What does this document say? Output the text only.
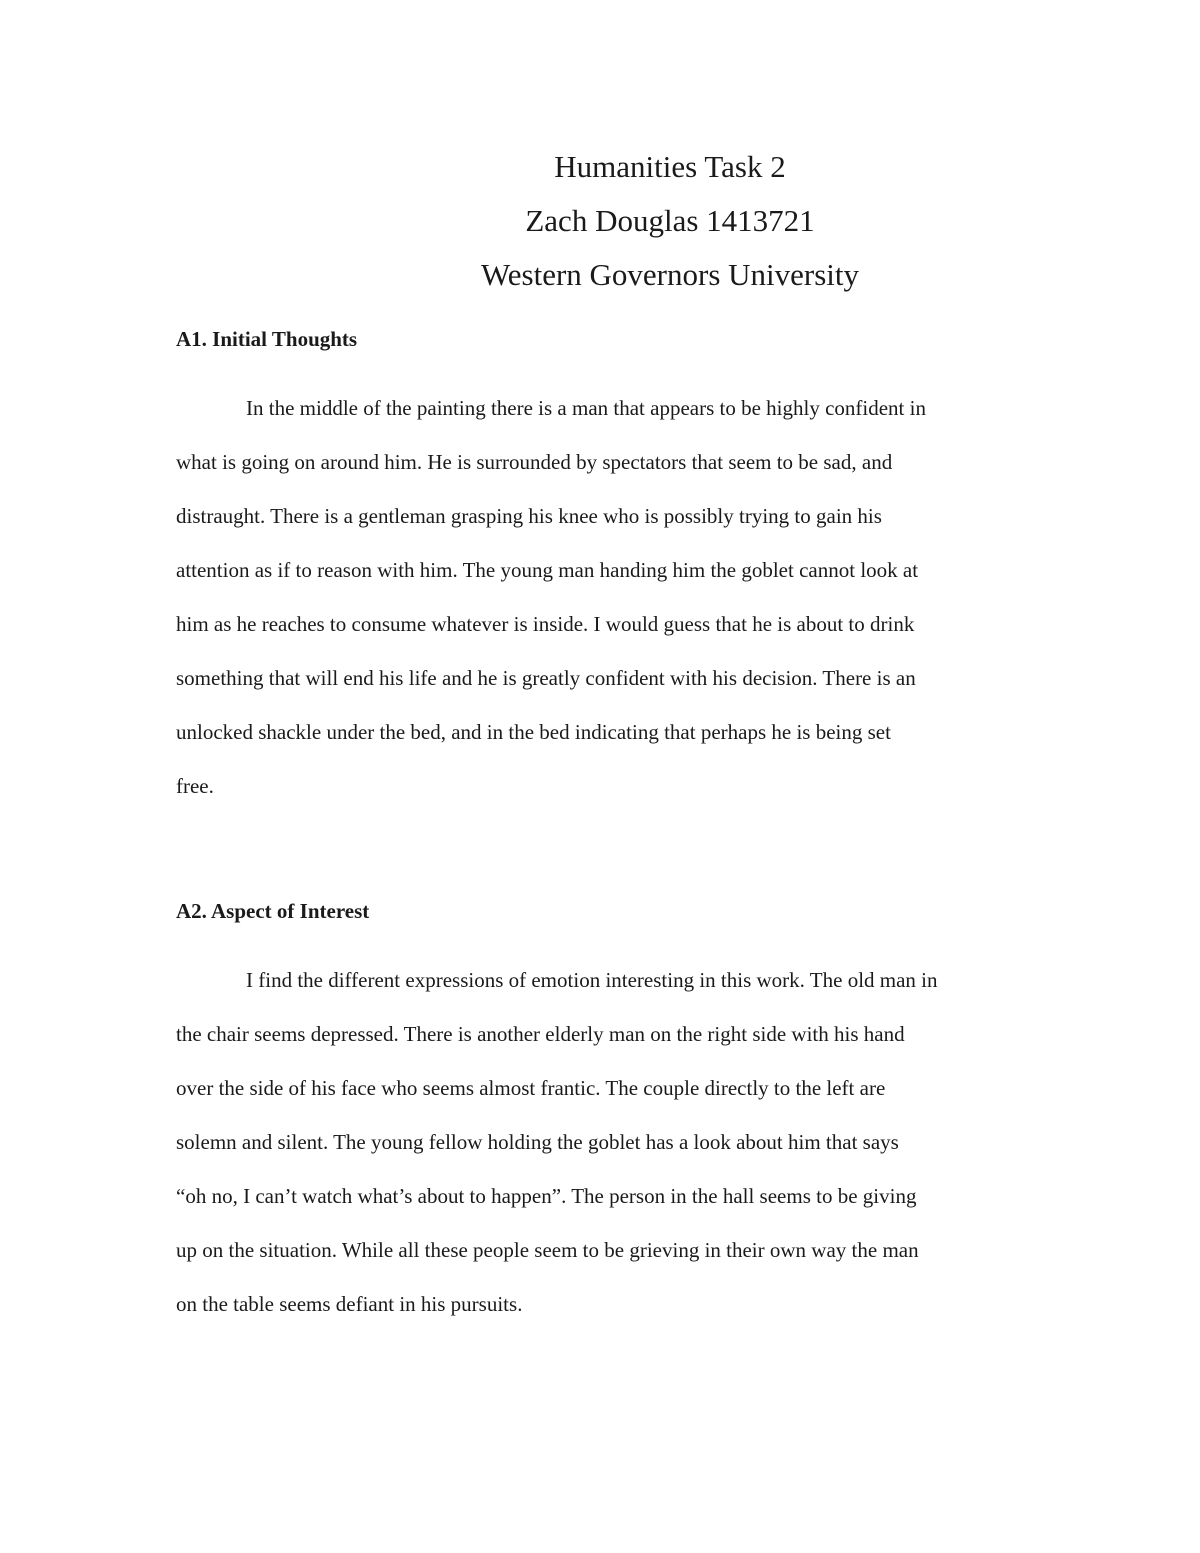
Humanities Task 2

Zach Douglas 1413721

Western Governors University

A1. Initial Thoughts
In the middle of the painting there is a man that appears to be highly confident in
what is going on around him. He is surrounded by spectators that seem to be sad, and
distraught. There is a gentleman grasping his knee who is possibly trying to gain his
attention as if to reason with him. The young man handing him the goblet cannot look at
him as he reaches to consume whatever is inside. I would guess that he is about to drink
something that will end his life and he is greatly confident with his decision. There is an
unlocked shackle under the bed, and in the bed indicating that perhaps he is being set
free.
A2. Aspect of Interest
I find the different expressions of emotion interesting in this work. The old man in
the chair seems depressed. There is another elderly man on the right side with his hand
over the side of his face who seems almost frantic. The couple directly to the left are
solemn and silent. The young fellow holding the goblet has a look about him that says
“oh no, I can’t watch what’s about to happen”. The person in the hall seems to be giving
up on the situation. While all these people seem to be grieving in their own way the man
on the table seems defiant in his pursuits.
